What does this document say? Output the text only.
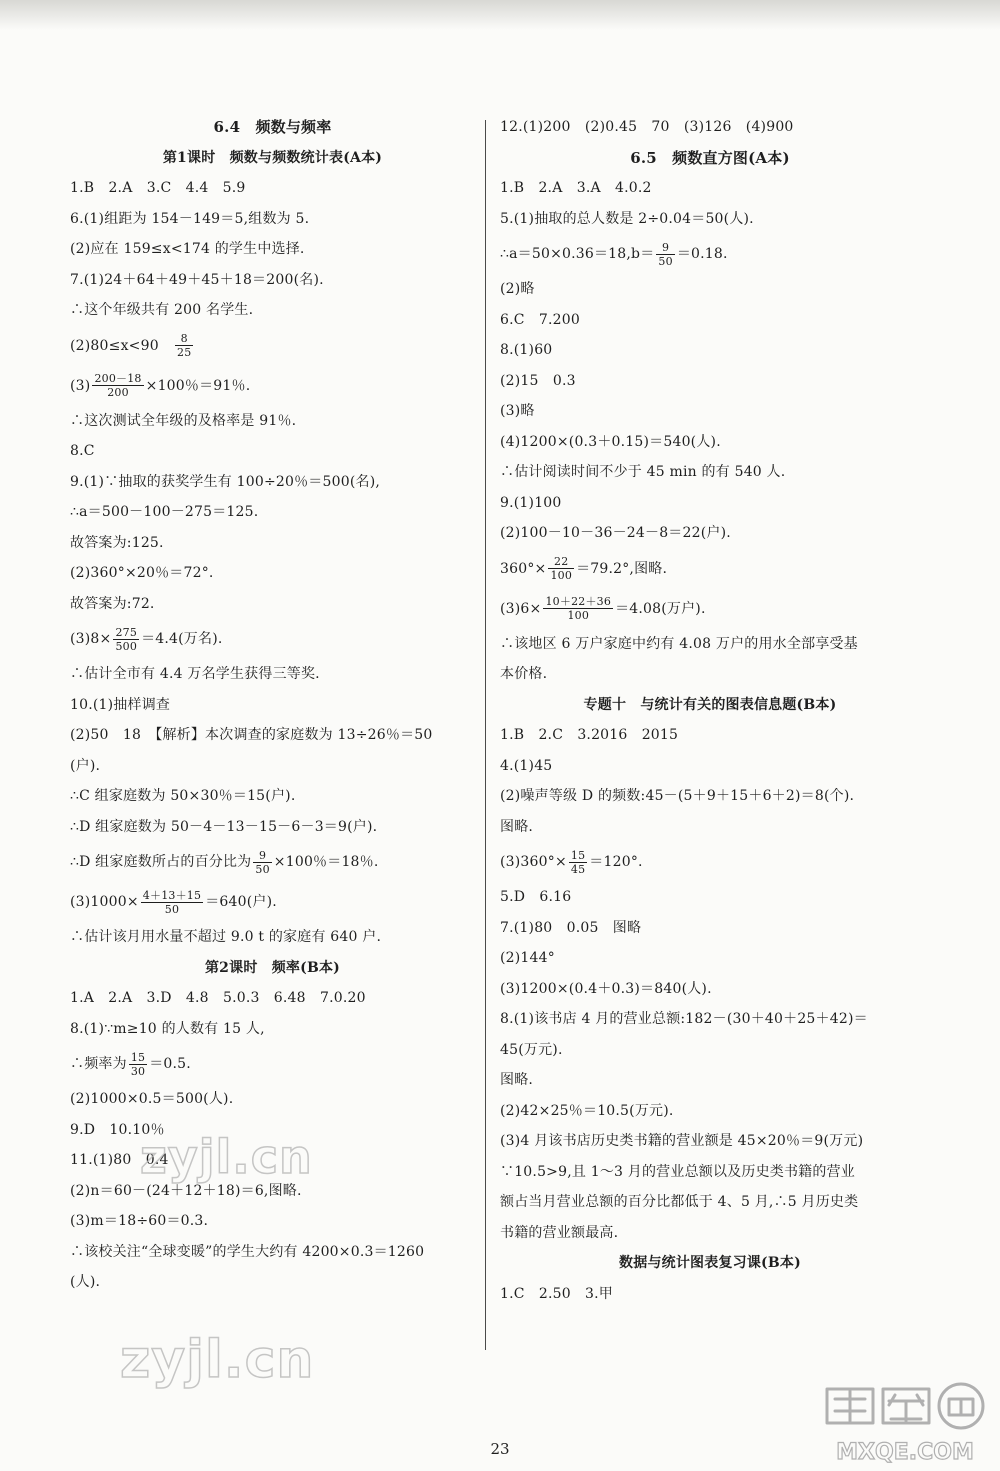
6.4　频数与频率
第1课时　频数与频数统计表(A本)
1.B　2.A　3.C　4.4　5.9
6.(1)组距为 154－149＝5,组数为 5.
(2)应在 159≤x<174 的学生中选择.
7.(1)24＋64＋49＋45＋18＝200(名).
∴这个年级共有 200 名学生.
(2)80≤x<90　 $\frac{8}{25}$
$(3) \frac{200-18}{200} \times 100$％＝91％.
∴这次测试全年级的及格率是 91％.
8.C
9.(1)∵抽取的获奖学生有 100÷20％＝500(名),
∴a＝500－100－275＝125.
故答案为:125.
(2)360°×20％＝72°.
故答案为:72.
$(3)8\times \frac{275}{500} =4.4$(万名).
∴估计全市有 4.4 万名学生获得三等奖.
10.(1)抽样调查
(2)50　18　【解析】本次调查的家庭数为 13÷26％＝50
(户).
∴C 组家庭数为 50×30％＝15(户).
∴D 组家庭数为 50－4－13－15－6－3＝9(户).
∴D 组家庭数所占的百分比为 $\frac{9}{50} \times 100$％＝18％.
$(3)1000\times \frac{4+13+15}{50} =640$(户).
∴估计该月用水量不超过 9.0 t 的家庭有 640 户.
第2课时　频率(B本)
1.A　2.A　3.D　4.8　5.0.3　6.48　7.0.20
8.(1)∵m≥10 的人数有 15 人,
∴频率为 $\frac{15}{30} =0.5$.
(2)1000×0.5＝500(人).
9.D　10.10％
11.(1)80　0.4
(2)n＝60－(24＋12＋18)＝6,图略.
(3)m＝18÷60＝0.3.
∴该校关注“全球变暖”的学生大约有 4200×0.3＝1260
(人).
12.(1)200　(2)0.45　70　(3)126　(4)900
6.5　频数直方图(A本)
1.B　2.A　3.A　4.0.2
5.(1)抽取的总人数是 2÷0.04＝50(人).
∴a＝50×0.36＝18,b＝ $\frac{9}{50} =0.18$.
(2)略
6.C　7.200
8.(1)60
(2)15　0.3
(3)略
(4)1200×(0.3＋0.15)＝540(人).
∴估计阅读时间不少于 45 min 的有 540 人.
9.(1)100
(2)100－10－36－24－8＝22(户).
$360^\circ\times \frac{22}{100} =79.2^\circ$,图略.
$(3)6\times \frac{10+22+36}{100} =4.08$(万户).
∴该地区 6 万户家庭中约有 4.08 万户的用水全部享受基
本价格.
专题十　与统计有关的图表信息题(B本)
1.B　2.C　3.2016　2015
4.(1)45
(2)噪声等级 D 的频数:45－(5＋9＋15＋6＋2)＝8(个).
图略.
$(3)360^\circ\times \frac{15}{45} =120^\circ$.
5.D　6.16
7.(1)80　0.05　图略
(2)144°
(3)1200×(0.4＋0.3)＝840(人).
8.(1)该书店 4 月的营业总额:182－(30＋40＋25＋42)＝
45(万元).
图略.
(2)42×25％＝10.5(万元).
(3)4 月该书店历史类书籍的营业额是 45×20％＝9(万元)
∵10.5>9,且 1～3 月的营业总额以及历史类书籍的营业
额占当月营业总额的百分比都低于 4、5 月,∴5 月历史类
书籍的营业额最高.
数据与统计图表复习课(B本)
1.C　2.50　3.甲
23
zyjl.cn
zyjl.cn
MXQE.COM
